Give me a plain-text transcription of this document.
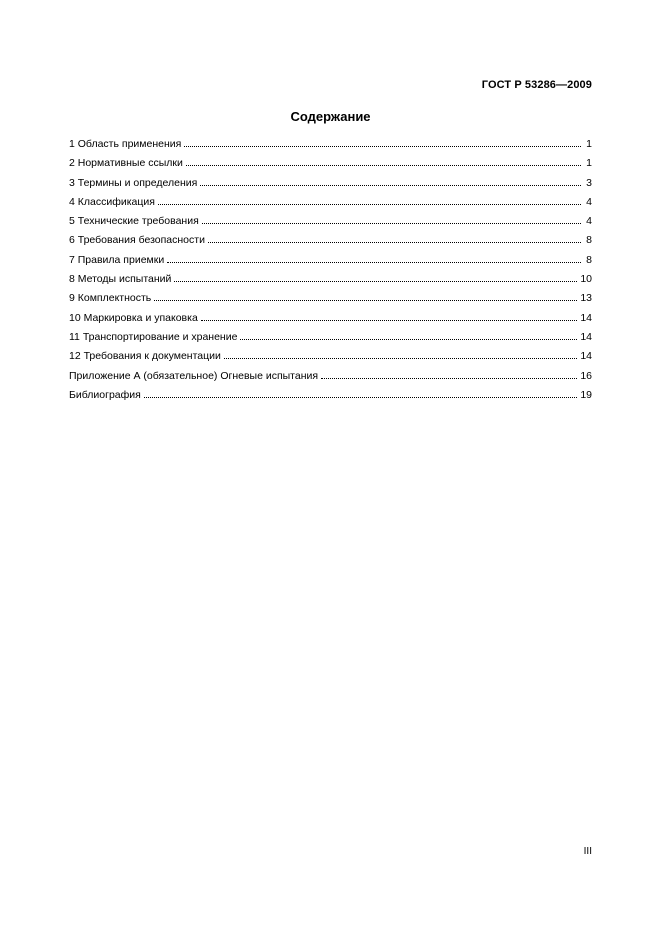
ГОСТ Р 53286—2009
Содержание
1 Область применения	1
2 Нормативные ссылки	1
3 Термины и определения	3
4 Классификация	4
5 Технические требования	4
6 Требования безопасности	8
7 Правила приемки	8
8 Методы испытаний	10
9 Комплектность	13
10 Маркировка и упаковка	14
11 Транспортирование и хранение	14
12 Требования к документации	14
Приложение А (обязательное) Огневые испытания	16
Библиография	19
III
